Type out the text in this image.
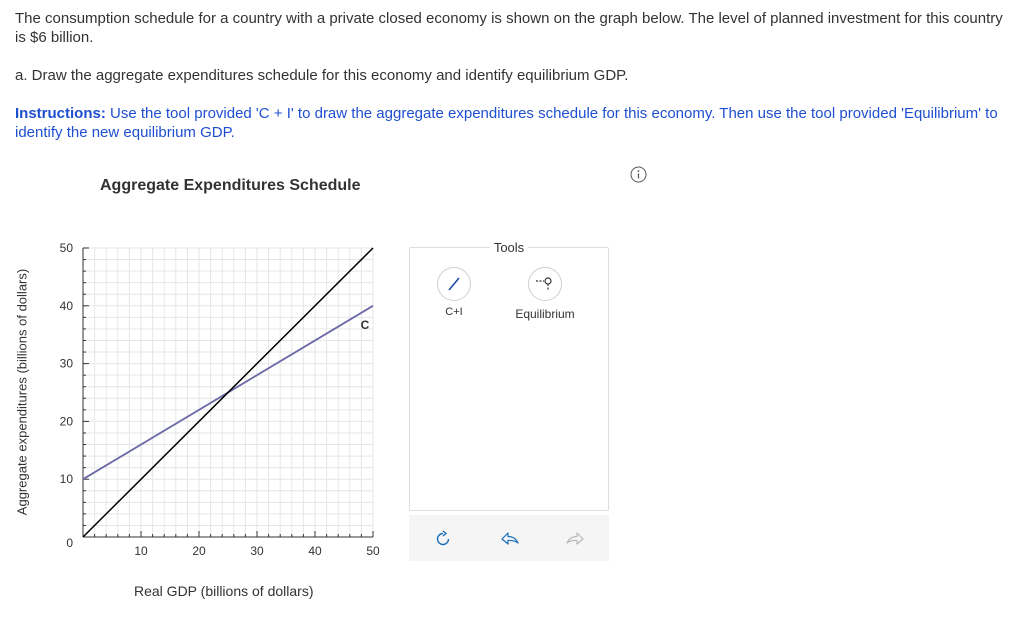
The consumption schedule for a country with a private closed economy is shown on the graph below. The level of planned investment for this country is $6 billion.

a. Draw the aggregate expenditures schedule for this economy and identify equilibrium GDP.

Instructions: Use the tool provided 'C + I' to draw the aggregate expenditures schedule for this economy. Then use the tool provided 'Equilibrium' to identify the new equilibrium GDP.

Aggregate Expenditures Schedule
Aggregate expenditures (billions of dollars)
Real GDP (billions of dollars)
10	20	30	40	50
0
10
20
30
40
50
C
Tools
C+I	Equilibrium
